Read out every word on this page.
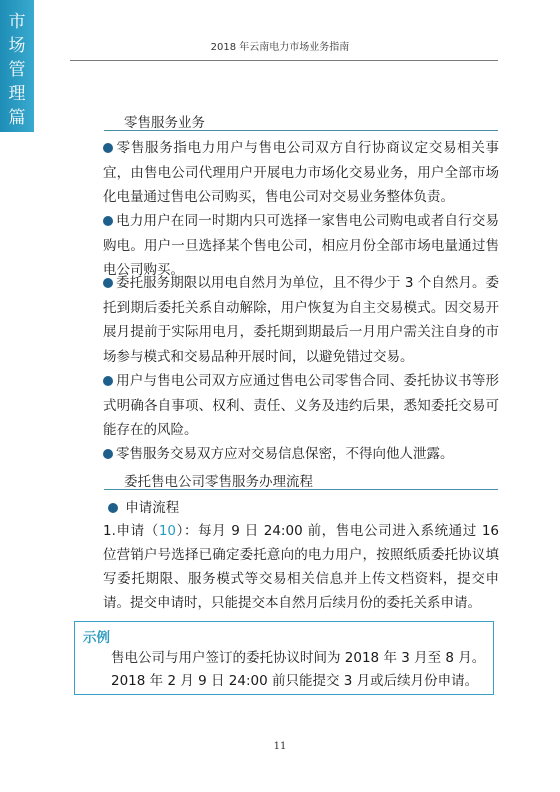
市场管理篇
2018 年云南电力市场业务指南
零售服务业务
零售服务指电力用户与售电公司双方自行协商议定交易相关事宜，由售电公司代理用户开展电力市场化交易业务，用户全部市场化电量通过售电公司购买，售电公司对交易业务整体负责。
电力用户在同一时期内只可选择一家售电公司购电或者自行交易购电。用户一旦选择某个售电公司，相应月份全部市场电量通过售电公司购买。
委托服务期限以用电自然月为单位，且不得少于 3 个自然月。委托到期后委托关系自动解除，用户恢复为自主交易模式。因交易开展月提前于实际用电月，委托期到期最后一月用户需关注自身的市场参与模式和交易品种开展时间，以避免错过交易。
用户与售电公司双方应通过售电公司零售合同、委托协议书等形式明确各自事项、权利、责任、义务及违约后果，悉知委托交易可能存在的风险。
零售服务交易双方应对交易信息保密，不得向他人泄露。
委托售电公司零售服务办理流程
申请流程
1.申请（10）：每月 9 日 24:00 前，售电公司进入系统通过 16 位营销户号选择已确定委托意向的电力用户，按照纸质委托协议填写委托期限、服务模式等交易相关信息并上传文档资料，提交申请。提交申请时，只能提交本自然月后续月份的委托关系申请。
示例
售电公司与用户签订的委托协议时间为 2018 年 3 月至 8 月。
2018 年 2 月 9 日 24:00 前只能提交 3 月或后续月份申请。
11
